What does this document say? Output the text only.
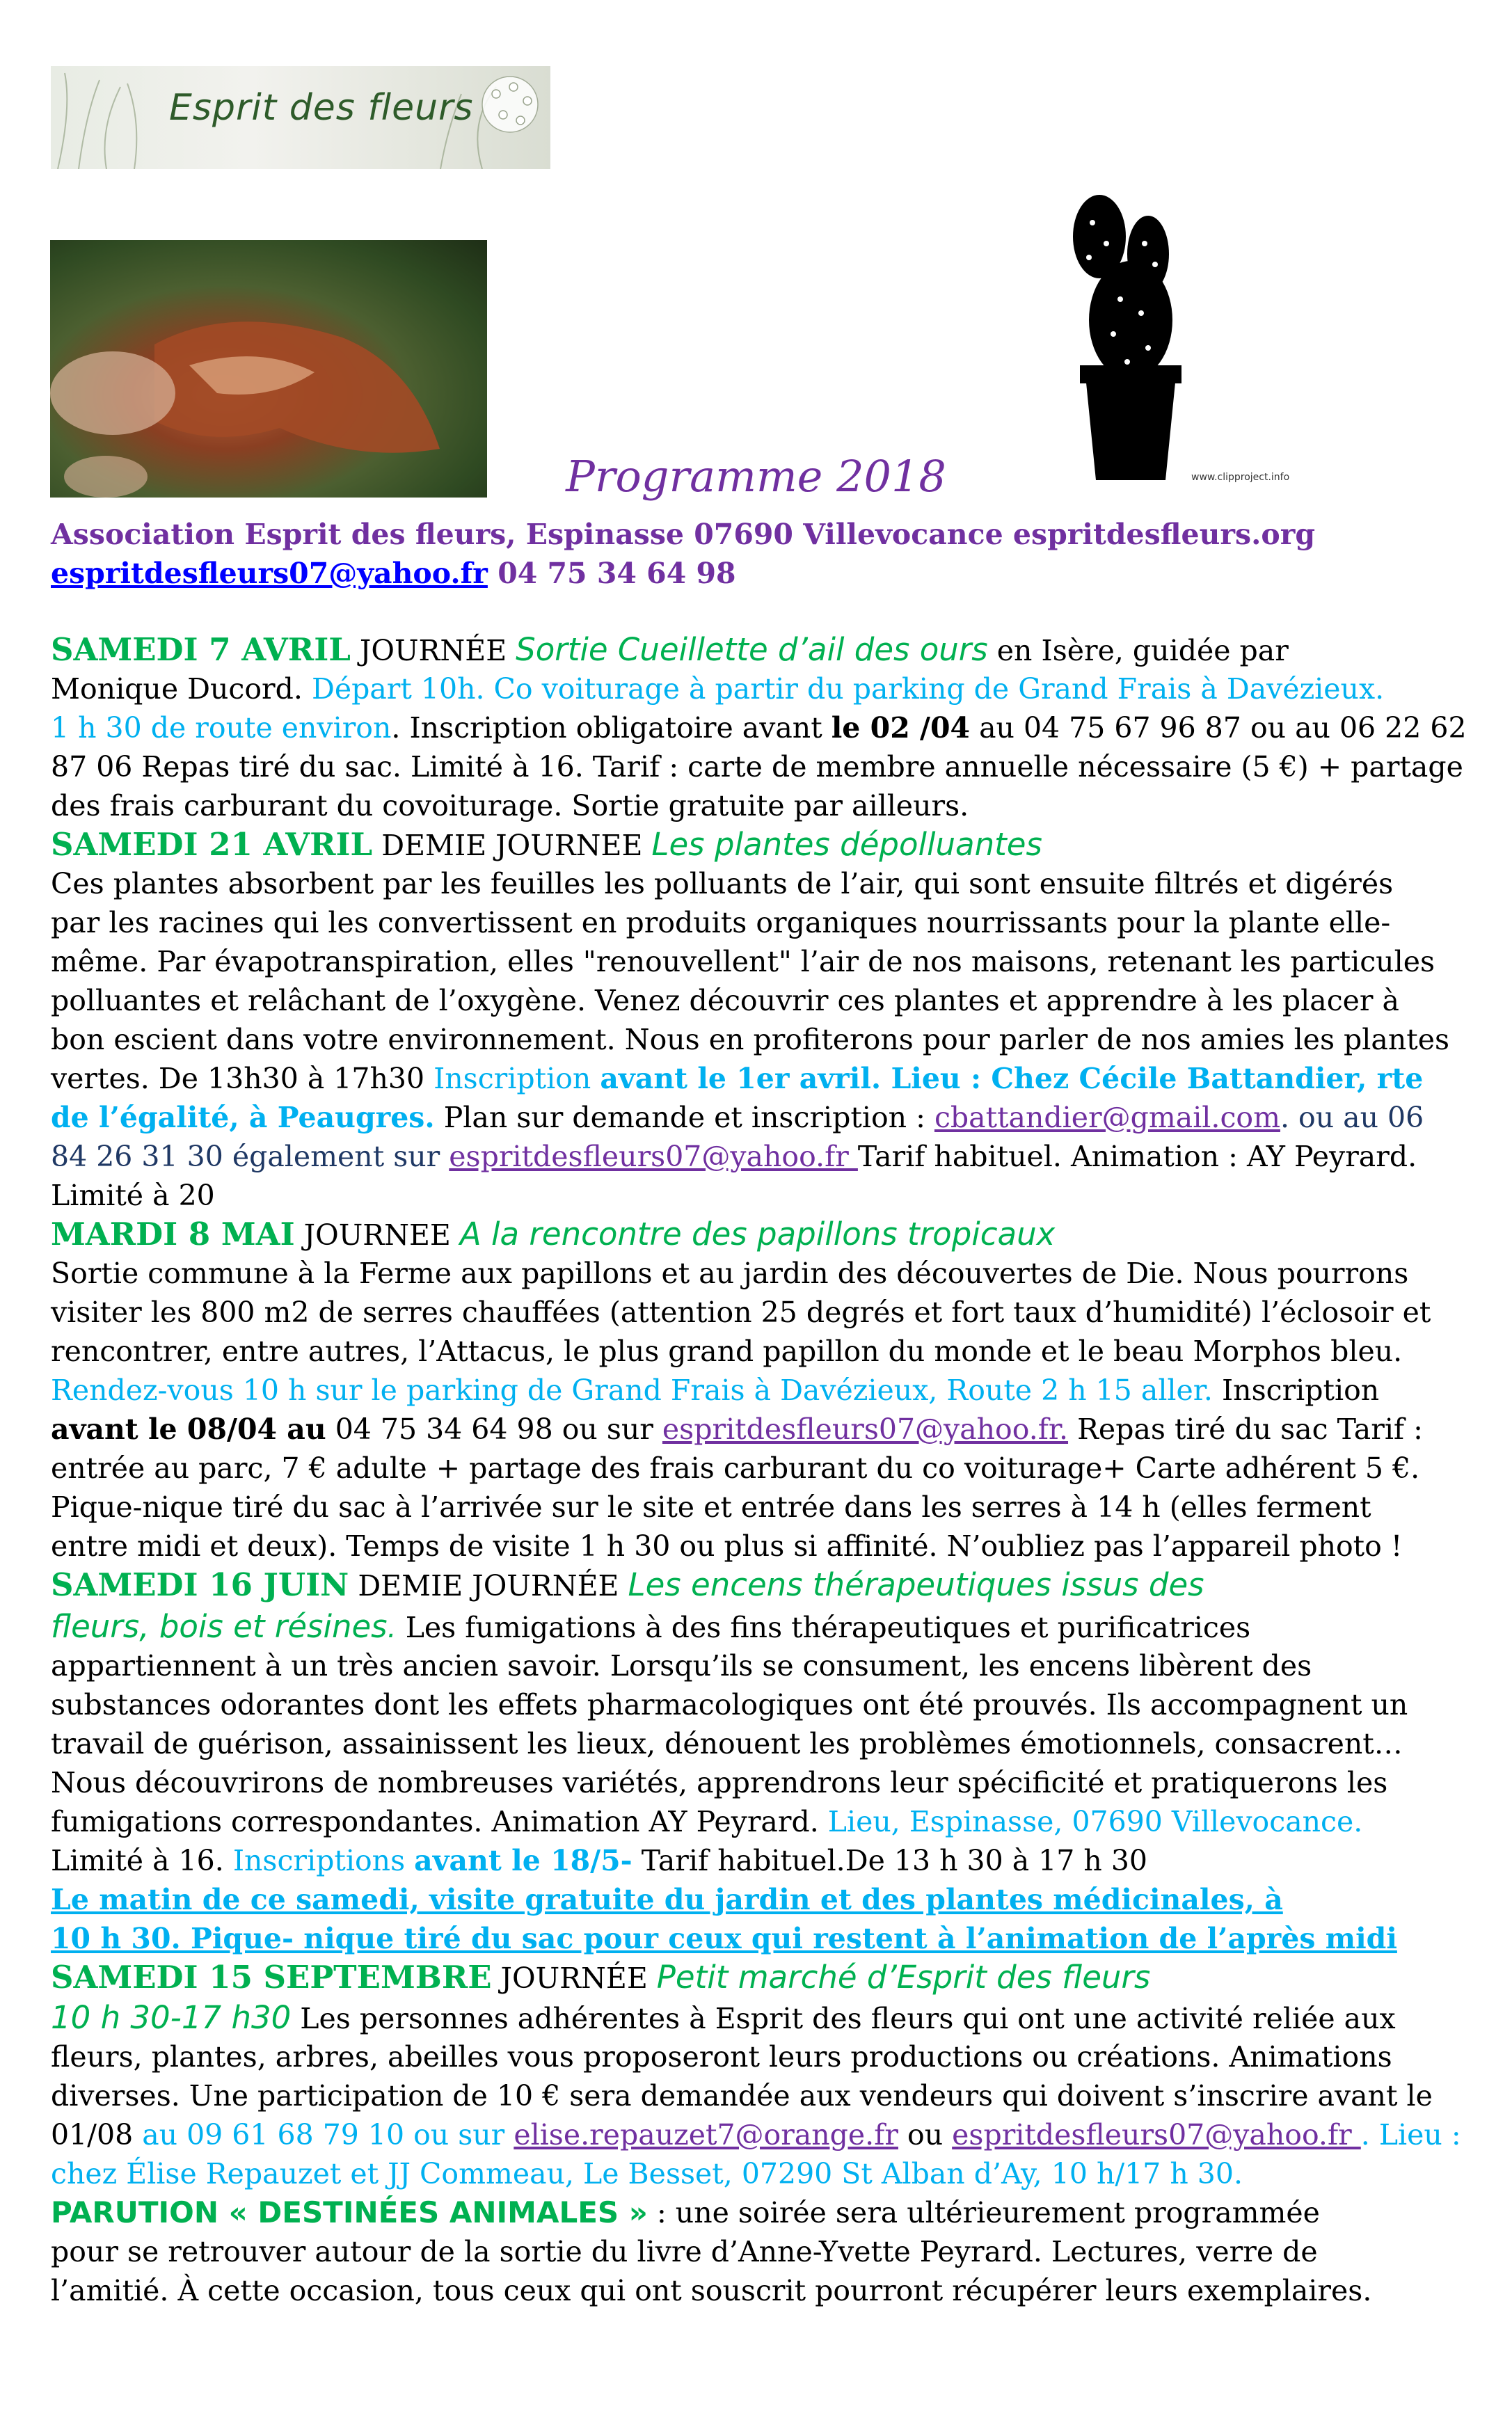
Esprit des fleurs
www.clipproject.info
Programme 2018
Association Esprit des fleurs, Espinasse 07690 Villevocance espritdesfleurs.org
espritdesfleurs07@yahoo.fr 04 75 34 64 98
SAMEDI 7 AVRIL JOURNÉE Sortie Cueillette d’ail des ours en Isère, guidée par
Monique Ducord. Départ 10h. Co voiturage à partir du parking de Grand Frais à Davézieux.
1 h 30 de route environ. Inscription obligatoire avant le 02 /04 au 04 75 67 96 87 ou au 06 22 62
87 06 Repas tiré du sac. Limité à 16. Tarif : carte de membre annuelle nécessaire (5 €) + partage
des frais carburant du covoiturage. Sortie gratuite par ailleurs.
SAMEDI 21 AVRIL DEMIE JOURNEE Les plantes dépolluantes
Ces plantes absorbent par les feuilles les polluants de l’air, qui sont ensuite filtrés et digérés
par les racines qui les convertissent en produits organiques nourrissants pour la plante elle-
même. Par évapotranspiration, elles "renouvellent" l’air de nos maisons, retenant les particules
polluantes et relâchant de l’oxygène. Venez découvrir ces plantes et apprendre à les placer à
bon escient dans votre environnement. Nous en profiterons pour parler de nos amies les plantes
vertes. De 13h30 à 17h30 Inscription avant le 1er avril. Lieu : Chez Cécile Battandier, rte
de l’égalité, à Peaugres. Plan sur demande et inscription : cbattandier@gmail.com. ou au 06
84 26 31 30 également sur espritdesfleurs07@yahoo.fr Tarif habituel. Animation : AY Peyrard.
Limité à 20
MARDI 8 MAI JOURNEE A la rencontre des papillons tropicaux
Sortie commune à la Ferme aux papillons et au jardin des découvertes de Die. Nous pourrons
visiter les 800 m2 de serres chauffées (attention 25 degrés et fort taux d’humidité) l’éclosoir et
rencontrer, entre autres, l’Attacus, le plus grand papillon du monde et le beau Morphos bleu.
Rendez-vous 10 h sur le parking de Grand Frais à Davézieux, Route 2 h 15 aller. Inscription
avant le 08/04 au 04 75 34 64 98 ou sur espritdesfleurs07@yahoo.fr. Repas tiré du sac Tarif :
entrée au parc, 7 € adulte + partage des frais carburant du co voiturage+ Carte adhérent 5 €.
Pique-nique tiré du sac à l’arrivée sur le site et entrée dans les serres à 14 h (elles ferment
entre midi et deux). Temps de visite 1 h 30 ou plus si affinité. N’oubliez pas l’appareil photo !
SAMEDI 16 JUIN DEMIE JOURNÉE Les encens thérapeutiques issus des
fleurs, bois et résines. Les fumigations à des fins thérapeutiques et purificatrices
appartiennent à un très ancien savoir. Lorsqu’ils se consument, les encens libèrent des
substances odorantes dont les effets pharmacologiques ont été prouvés. Ils accompagnent un
travail de guérison, assainissent les lieux, dénouent les problèmes émotionnels, consacrent…
Nous découvrirons de nombreuses variétés, apprendrons leur spécificité et pratiquerons les
fumigations correspondantes. Animation AY Peyrard. Lieu, Espinasse, 07690 Villevocance.
Limité à 16. Inscriptions avant le 18/5- Tarif habituel.De 13 h 30 à 17 h 30
Le matin de ce samedi, visite gratuite du jardin et des plantes médicinales, à
10 h 30. Pique- nique tiré du sac pour ceux qui restent à l’animation de l’après midi
SAMEDI 15 SEPTEMBRE JOURNÉE Petit marché d’Esprit des fleurs
10 h 30-17 h30 Les personnes adhérentes à Esprit des fleurs qui ont une activité reliée aux
fleurs, plantes, arbres, abeilles vous proposeront leurs productions ou créations. Animations
diverses. Une participation de 10 € sera demandée aux vendeurs qui doivent s’inscrire avant le
01/08 au 09 61 68 79 10 ou sur elise.repauzet7@orange.fr ou espritdesfleurs07@yahoo.fr . Lieu :
chez Élise Repauzet et JJ Commeau, Le Besset, 07290 St Alban d’Ay, 10 h/17 h 30.
PARUTION « DESTINÉES ANIMALES » : une soirée sera ultérieurement programmée
pour se retrouver autour de la sortie du livre d’Anne-Yvette Peyrard. Lectures, verre de
l’amitié. À cette occasion, tous ceux qui ont souscrit pourront récupérer leurs exemplaires.
